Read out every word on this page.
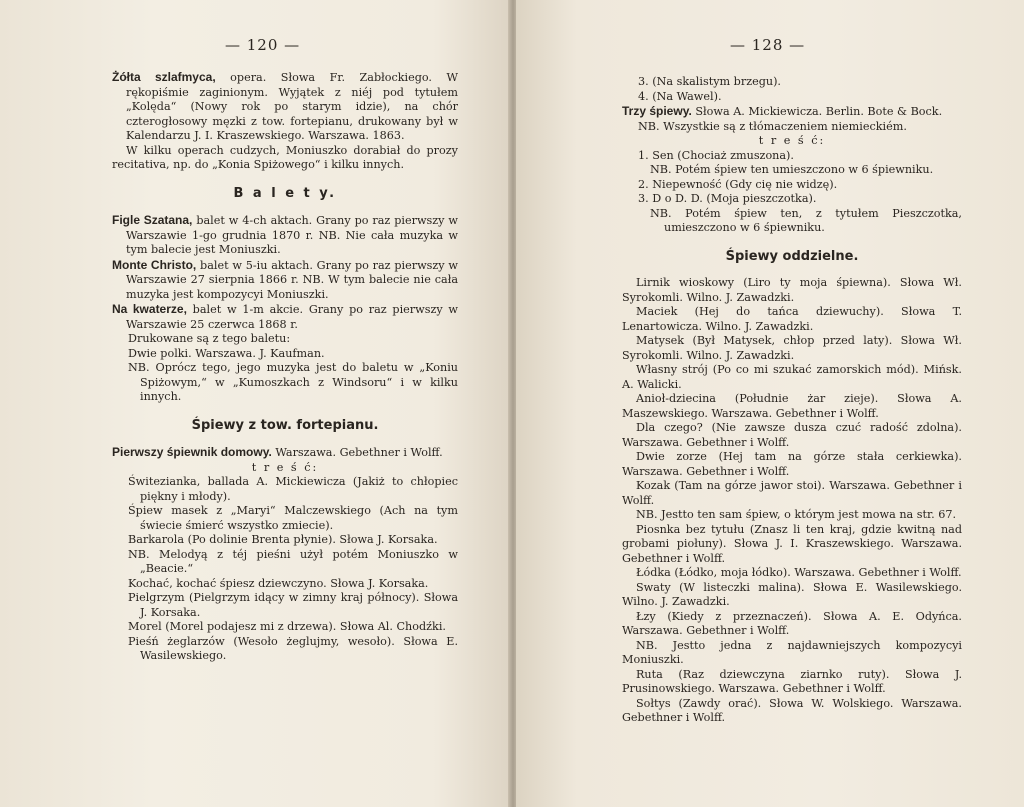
— 120 —

Żółta szlafmyca, opera. Słowa Fr. Zabłockiego. W rękopiśmie zaginionym. Wyjątek z niéj pod tytułem „Kolęda“ (Nowy rok po starym idzie), na chór czterogłosowy męzki z tow. fortepianu, drukowany był w Kalendarzu J. I. Kraszewskiego. Warszawa. 1863.

W kilku operach cudzych, Moniuszko dorabiał do prozy recitativa, np. do „Konia Spiżowego“ i kilku innych.

B a l e t y.

Figle Szatana, balet w 4-ch aktach. Grany po raz pierwszy w Warszawie 1-go grudnia 1870 r. NB. Nie cała muzyka w tym balecie jest Moniuszki.

Monte Christo, balet w 5-iu aktach. Grany po raz pierwszy w Warszawie 27 sierpnia 1866 r. NB. W tym balecie nie cała muzyka jest kompozycyi Moniuszki.

Na kwaterze, balet w 1-m akcie. Grany po raz pierwszy w Warszawie 25 czerwca 1868 r.

Drukowane są z tego baletu:

Dwie polki. Warszawa. J. Kaufman.

NB. Oprócz tego, jego muzyka jest do baletu w „Koniu Spiżowym,“ w „Kumoszkach z Windsoru“ i w kilku innych.

Śpiewy z tow. fortepianu.

Pierwszy śpiewnik domowy. Warszawa. Gebethner i Wolff.

t r e ś ć:

Świtezianka, ballada A. Mickiewicza (Jakiż to chłopiec piękny i młody).

Śpiew masek z „Maryi“ Malczewskiego (Ach na tym świecie śmierć wszystko zmiecie).

Barkarola (Po dolinie Brenta płynie). Słowa J. Korsaka.

NB. Melodyą z téj pieśni użył potém Moniuszko w „Beacie.“

Kochać, kochać śpiesz dziewczyno. Słowa J. Korsaka.

Pielgrzym (Pielgrzym idący w zimny kraj północy). Słowa J. Korsaka.

Morel (Morel podajesz mi z drzewa). Słowa Al. Chodźki.

Pieśń żeglarzów (Wesoło żeglujmy, wesoło). Słowa E. Wasilewskiego.

— 128 —

3. (Na skalistym brzegu).

4. (Na Wawel).

Trzy śpiewy. Słowa A. Mickiewicza. Berlin. Bote & Bock.

NB. Wszystkie są z tłómaczeniem niemieckiém.

t r e ś ć:

1. Sen (Chociaż zmuszona).

NB. Potém śpiew ten umieszczono w 6 śpiewniku.

2. Niepewność (Gdy cię nie widzę).

3. D o D. D. (Moja pieszczotka).

NB. Potém śpiew ten, z tytułem Pieszczotka, umieszczono w 6 śpiewniku.

Śpiewy oddzielne.

Lirnik wioskowy (Liro ty moja śpiewna). Słowa Wł. Syrokomli. Wilno. J. Zawadzki.

Maciek (Hej do tańca dziewuchy). Słowa T. Lenartowicza. Wilno. J. Zawadzki.

Matysek (Był Matysek, chłop przed laty). Słowa Wł. Syrokomli. Wilno. J. Zawadzki.

Własny strój (Po co mi szukać zamorskich mód). Mińsk. A. Walicki.

Anioł-dziecina (Południe żar zieje). Słowa A. Maszewskiego. Warszawa. Gebethner i Wolff.

Dla czego? (Nie zawsze dusza czuć radość zdolna). Warszawa. Gebethner i Wolff.

Dwie zorze (Hej tam na górze stała cerkiewka). Warszawa. Gebethner i Wolff.

Kozak (Tam na górze jawor stoi). Warszawa. Gebethner i Wolff.

NB. Jestto ten sam śpiew, o którym jest mowa na str. 67.

Piosnka bez tytułu (Znasz li ten kraj, gdzie kwitną nad grobami piołuny). Słowa J. I. Kraszewskiego. Warszawa. Gebethner i Wolff.

Łódka (Łódko, moja łódko). Warszawa. Gebethner i Wolff.

Swaty (W listeczki malina). Słowa E. Wasilewskiego. Wilno. J. Zawadzki.

Łzy (Kiedy z przeznaczeń). Słowa A. E. Odyńca. Warszawa. Gebethner i Wolff.

NB. Jestto jedna z najdawniejszych kompozycyi Moniuszki.

Ruta (Raz dziewczyna ziarnko ruty). Słowa J. Prusinowskiego. Warszawa. Gebethner i Wolff.

Sołtys (Zawdy orać). Słowa W. Wolskiego. Warszawa. Gebethner i Wolff.
